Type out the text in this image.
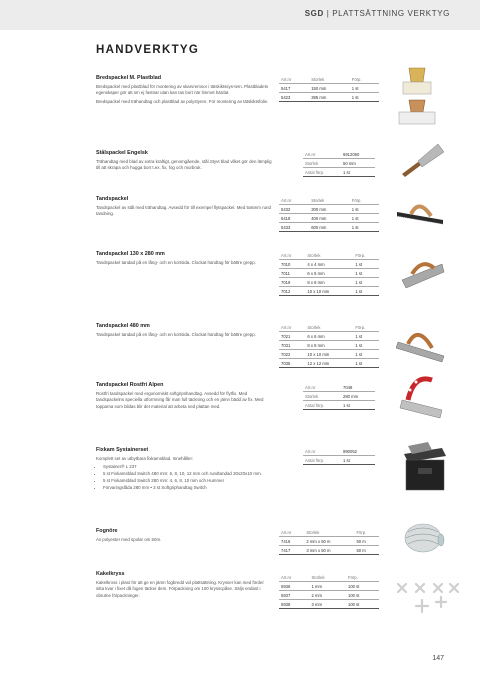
SGD | PLATTSÄTTNING VERKTYG
HANDVERKTYG
Bredspackel M. Plastblad

Bredspackel med plastblad för montering av skarvremsor i tätskiktssys-tem. Plastbladets egenskaper gör att sm ej fastnar utan kan tas bort när limmet härdat.

Bredspackel med trähandtag och plastblad av polystyren. För montering av tätskiktsfolie.

Art.nr	Storlek	Förp.
5417	150 mm	1 st
5423	385 mm	1 st
Stålspackel Engelsk

Trähandtag med blad av extra kraftigt, genomgående, stål.Styvt blad vilket gör den lämplig till att skrapa och hugga bort t.ex. fix, fog och murbruk.

Art.nr	6912050
Storlek	50 mm
Antal förp.	1 st
Tandspackel

Tandspackel av stål med trähandtag. Avsedd för till exempel flytspackel. Med 5x6mm rund tandning.

Art.nr	Storlek	Förp.
5432	300 mm	1 st
5418	400 mm	1 st
5433	600 mm	1 st
Tandspackel 130 x 280 mm

Tandspackel tandad på en lång- och en kortsida. Clockat handtag för bättre grepp.

Art.nr	Storlek	Förp.
7010	4 x 4 mm	1 st
7011	6 x 6 mm	1 st
7019	8 x 8 mm	1 st
7012	10 x 10 mm	1 st
Tandspackel 480 mm

Tandspackel tandad på en lång- och en kortsida. Clockat handtag för bättre grepp.

Art.nr	Storlek	Förp.
7021	6 x 6 mm	1 st
7031	8 x 8 mm	1 st
7022	10 x 10 mm	1 st
7035	12 x 12 mm	1 st
Tandspackel Rostfri Alpen

Rostfri tandspackel med ergonomiskt softgripshandtag. Avsedd för flytfix. Med tandspackelns speciella utformning får man full täckning och en jämn bädd av fix. Med topparna som bildas blir det material att arbeta ned plattan med.

Art.nr	7048
Storlek	280 mm
Antal förp.	1 st
Fixkam Systainerset

Komplett set av utbytbara fixkamsblad. Innehåller:

• Systainer® L 237
• 5 st Fixkamsblad Switch 480 mm: 6, 8, 10, 12 mm och rundtandad 20x20x10 mm.
• 5 st Fixkamsblad Switch 280 mm: 4, 6, 8, 10 mm och Hummer
• Förvaringslåda 280 mm • 3 st Softgriphandtag Switch
Art.nr	990052
Antal förp.	1 st
Fognöre

Av polyester med spolar om 50m.

Art.nr	Storlek	Förp.
7416	2 mm x 50 m	50 m
7417	3 mm x 50 m	50 m
Kakelkryss

Kakelkross i plast för att ge en jämn fogbredd vid plattsättning. Krysser kan med fördel sitta kvar i fixet då fogen täcker dem. Förpackning om 100 krysscpåse. Säljs endast i obrutne förpackninger.

Art.nr	Storlek	Förp.
5936	1 mm	100 st
5937	2 mm	100 st
5938	3 mm	100 st
147
